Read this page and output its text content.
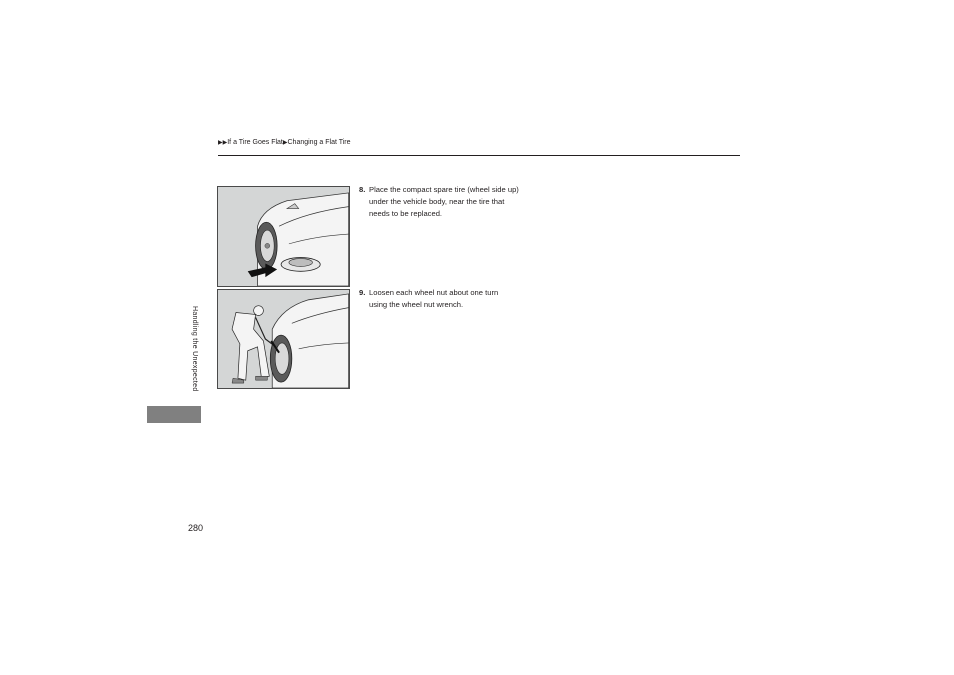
▶▶If a Tire Goes Flat▶Changing a Flat Tire
8. Place the compact spare tire (wheel side up)
under the vehicle body, near the tire that
needs to be replaced.
9. Loosen each wheel nut about one turn
using the wheel nut wrench.
Handling the Unexpected
280
